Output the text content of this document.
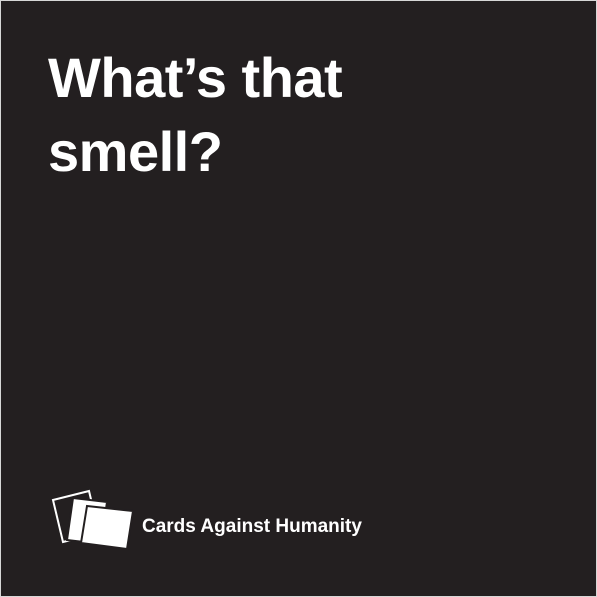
What’s that
smell?
Cards Against Humanity
